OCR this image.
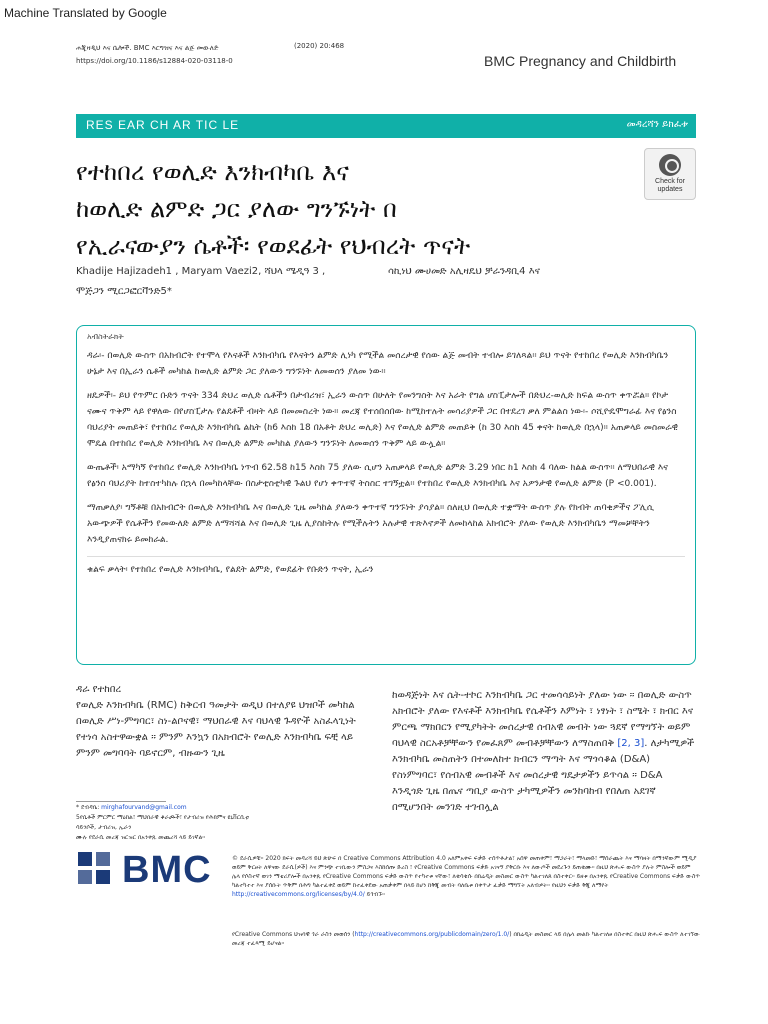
Machine Translated by Google
ሐጂዛዲህ እና ሴሎች. BMC እርግዝና እና ልጅ መውለድ
https://doi.org/10.1186/s12884-020-03118-0
(2020) 20:468
BMC Pregnancy and Childbirth
RES EAR CH AR TIC LE	መዳረሻን ይክፈቱ
የተከበረ የወሊድ እንክብካቤ እና
ከወሊድ ልምድ ጋር ያለው ግንኙነት በ
የኢራናውያን ሴቶች፡ የወደፊት የህብረት ጥናት
Check for
updates
Khadije Hajizadeh1 , Maryam Vaezi2, ሻህላ ሜዲዓ 3 ,	ሳኪነህ ሙሀመድ አሊዛዴህ ቻራንዳቢ4 እና
ሞጅጋን ሚርጋፎርቫንድ5*
አብስትራክት

ዳራ፡- በወሊድ ውስጥ በአክብሮት የተሞላ የእናቶች እንክብካቤ የእናትን ልምድ ሊነካ የሚችል መሰረታዊ የሰው ልጅ መብት ተብሎ ይገለጻል። ይህ ጥናት የተከበረ የወሊድ እንክብካቤን ሁኔታ እና በኢራን ሴቶች መካከል ከወሊድ ልምድ ጋር ያለውን ግንኙነት ለመወሰን ያለመ ነው።

ዘዴዎች፡- ይህ የጥምር ቡድን ጥናት 334 ድህረ ወሊድ ሴቶችን በታብሪዝ፣ ኢራን ውስጥ በሁለት የመንግስት እና አራት የግል ሆስፒታሎች በድህረ-ወሊድ ክፍል ውስጥ ቀጥሯል። የኮታ ናሙና ጥቅም ላይ የዋለው በየሆስፒታሉ የልደቶች ብዛት ላይ በመመስረት ነው። መረጃ የተሰበሰበው ከሚከተሉት መሳሪያዎች ጋር በተደረገ ቃለ ምልልስ ነው፡- ሶሺዮዴሞግራፊ እና የፅንስ ባህሪያት መጠይቅ፣ የተከበረ የወሊድ እንክብካቤ ልኬት (ከ6 እስከ 18 በአቶት ድህረ ወሊድ) እና የወሊድ ልምድ መጠይቅ (ከ 30 እስከ 45 ቀናት ከወሊድ በኋላ)። አጠቃላይ መስመራዊ ሞዴል በተከበረ የወሊድ እንክብካቤ እና በወሊድ ልምድ መካከል ያለውን ግንኙነት ለመወሰን ጥቅም ላይ ውሏል።

ውጤቶች፡ አማካኝ የተከበረ የወሊድ እንክብካቤ ነጥብ 62.58 ከ15 እስከ 75 ያለው ሲሆን አጠቃላይ የወሊድ ልምድ 3.29 ነበር ከ1 እስከ 4 ባለው ክልል ውስጥ። ለማህበራዊ እና የፅንስ ባህሪያት ከተስተካከሉ በኋላ በመካከላቸው በስታቲስቲካዊ ጉልህ የሆነ ቀጥተኛ ትስስር ተገኝቷል። የተከበረ የወሊድ እንክብካቤ እና አዎንታዊ የወሊድ ልምድ (P <0.001).

ማጠቃለያ፡ ግኝቶቹ በአክብሮት በወሊድ እንክብካቤ እና በወሊድ ጊዜ መካከል ያለውን ቀጥተኛ ግንኙነት ያሳያል። ስለዚህ በወሊድ ተቋማት ውስጥ ያሉ የክብት ጠባቂዎችና ፖሊሲ አውጭዎች የሴቶችን የመውለድ ልምድ ለማሻሻል እና በወሊድ ጊዜ ሊያስከትሉ የሚችሉትን አሉታዊ ተጽእኖዎች ለመከላከል አክብሮት ያለው የወሊድ እንክብካቤን ማመቻቸትን እንዲያጠናክሩ ይመከራል.

ቁልፍ ቃላት፡ የተከበረ የወሊድ እንክብካቤ, የልደት ልምድ, የወደፊት የቡድን ጥናት, ኢራን
ዳራ የተከበረ
የወሊድ እንክብካቤ (RMC) ከቅርብ ዓመታት ወዲህ በተለያዩ ህዝቦች መካከል በወሊድ ሥነ-ምግባር፣ ስነ-ልቦናዊ፣ ማህበራዊ እና ባህላዊ ጉዳዮች አስፈላጊነት የተነሳ አስተዋውቋል ። ምንም እንኳን በአክብሮት የወሊድ እንክብካቤ ፍቺ ላይ ምንም መግባባት ባይኖርም, ብዙውን ጊዜ
ከወዳጅነት እና ሴት-ተኮር እንክብካቤ ጋር ተመሳሳይነት ያለው ነው ። በወሊድ ውስጥ አክብሮት ያለው የእናቶች እንክብካቤ የሴቶችን እምነት ፣ ነፃነት ፣ ስሜት ፣ ክብር እና ምርጫ ማክበርን የሚያካትት መሰረታዊ ሰብአዊ መብት ነው ጓደኛ የማግኘት ወይም ባህላዊ ስርአቶቻቸውን የመፈጸም መብቶቻቸውን ለማስጠበቅ [2, 3]. ለታካሚዎች እንክብካቤ መስጠትን በተመለከተ ክብርን ማጣት እና ማጎሳቆል (D&A) የስነምግባር፣ የሰብአዊ መብቶች እና መሰረታዊ ግዴታዎችን ይጥሳል ። D&A እንዲጎድ ጊዜ በጤና ጣቢያ ውስጥ ታካሚዎችን መንከባከብ የበለጠ አደገኛ በሚሆንበት መንገድ ተገብሏል
* ደብዳቤ: mirghafourvand@gmail.com
5የሴቶች ምርምር ማዕከል፣ ማህበራዊ ቆራጮች፣ የታብሪዝ የሕክምና ዩኒቨርሲቲ
ሳይንሶች, ታብሪዝ, ኢራን
ሙሉ የደራሲ መረጃ ዝርዝር በአንቀጹ መጨረሻ ላይ ይገኛል።
BMC	© ደራሲዎቹ። 2020 ክፍት መዳረሻ ይህ ጽሁፍ በ Creative Commons Attribution 4.0 አለምአቀፍ ፍቃድ ተሰጥቶታል፣ አሰዋ መጠቀም፣ ማጋራት፣ ማላመድ፣ ማሰራጨት እና ማባዛት በማንኛውም ሚዲያ ወይም ቅርፀት ለዋናው ደራሲ(ዎች) እና ምንጭ ተገቢውን ምስጋና እስከሰጡ ድረስ ፣ የCreative Commons ፍቃድ አገናኝ ያቅርቡ እና ለውጦች መደረጉን ይጠቁሙ። በዚህ ጽሑፍ ውስጥ ያሉት ምስሎች ወይም ሌላ የሶስተኛ ወገን ማቴሪያሎች በአንቀጹ የCreative Commons ፍቃድ ውስጥ የተካተቱ ናቸው፣ ለቁሳቁሱ በክሬዲት መስመር ውስጥ ካልተገለጸ በስተቀር። ይዘቱ በአንቀጹ የCreative Commons ፍቃድ ውስጥ ካልተካተተ እና ያሰቡት ጥቅም በሕግ ካልተፈቀደ ወይም ከተፈቀደው አጠቃቀም በላይ ከሆነ ከቅጂ መብት ባለቤቱ በቀጥታ ፈቃድ ማግኘት አለብዎት። የዚህን ፍቃድ ቅጂ ለማየት http://creativecommons.org/licenses/by/4.0/ ይጎብኙ።
የCreative Commons ህዝባዊ ጎራ ራስን መወሰን (http://creativecommons.org/publicdomain/zero/1.0/) በክሬዲት መስመር ላይ በሌላ መልኩ ካልተገለፀ በስተቀር በዚህ ጽሑፍ ውስጥ ለተገኘው መረጃ ተፈጻሚ ይሆናል።
